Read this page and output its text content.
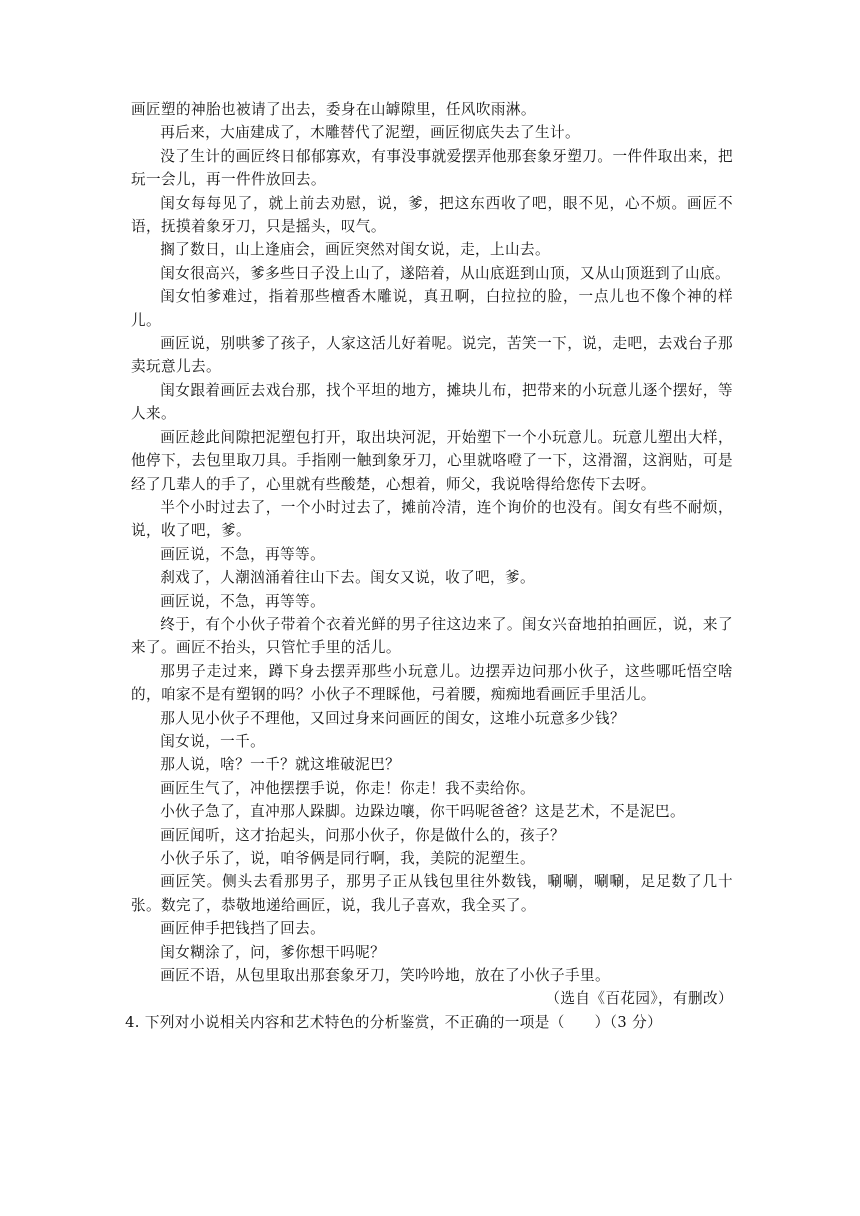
画匠塑的神胎也被请了出去，委身在山罅隙里，任风吹雨淋。

再后来，大庙建成了，木雕替代了泥塑，画匠彻底失去了生计。

没了生计的画匠终日郁郁寡欢，有事没事就爱摆弄他那套象牙塑刀。一件件取出来，把玩一会儿，再一件件放回去。

闺女每每见了，就上前去劝慰，说，爹，把这东西收了吧，眼不见，心不烦。画匠不语，抚摸着象牙刀，只是摇头，叹气。

搁了数日，山上逢庙会，画匠突然对闺女说，走，上山去。

闺女很高兴，爹多些日子没上山了，遂陪着，从山底逛到山顶，又从山顶逛到了山底。

闺女怕爹难过，指着那些檀香木雕说，真丑啊，白拉拉的脸，一点儿也不像个神的样儿。

画匠说，别哄爹了孩子，人家这活儿好着呢。说完，苦笑一下，说，走吧，去戏台子那卖玩意儿去。

闺女跟着画匠去戏台那，找个平坦的地方，摊块儿布，把带来的小玩意儿逐个摆好，等人来。

画匠趁此间隙把泥塑包打开，取出块河泥，开始塑下一个小玩意儿。玩意儿塑出大样，他停下，去包里取刀具。手指刚一触到象牙刀，心里就咯噔了一下，这滑溜，这润贴，可是经了几辈人的手了，心里就有些酸楚，心想着，师父，我说啥得给您传下去呀。

半个小时过去了，一个小时过去了，摊前冷清，连个询价的也没有。闺女有些不耐烦，说，收了吧，爹。

画匠说，不急，再等等。

刹戏了，人潮汹涌着往山下去。闺女又说，收了吧，爹。

画匠说，不急，再等等。

终于，有个小伙子带着个衣着光鲜的男子往这边来了。闺女兴奋地拍拍画匠，说，来了来了。画匠不抬头，只管忙手里的活儿。

那男子走过来，蹲下身去摆弄那些小玩意儿。边摆弄边问那小伙子，这些哪吒悟空啥的，咱家不是有塑钢的吗？小伙子不理睬他，弓着腰，痴痴地看画匠手里活儿。

那人见小伙子不理他，又回过身来问画匠的闺女，这堆小玩意多少钱？

闺女说，一千。

那人说，啥？一千？就这堆破泥巴？

画匠生气了，冲他摆摆手说，你走！你走！我不卖给你。

小伙子急了，直冲那人跺脚。边跺边嚷，你干吗呢爸爸？这是艺术，不是泥巴。

画匠闻听，这才抬起头，问那小伙子，你是做什么的，孩子？

小伙子乐了，说，咱爷俩是同行啊，我，美院的泥塑生。

画匠笑。侧头去看那男子，那男子正从钱包里往外数钱，唰唰，唰唰，足足数了几十张。数完了，恭敬地递给画匠，说，我儿子喜欢，我全买了。

画匠伸手把钱挡了回去。

闺女糊涂了，问，爹你想干吗呢？

画匠不语，从包里取出那套象牙刀，笑吟吟地，放在了小伙子手里。

（选自《百花园》，有删改）

4. 下列对小说相关内容和艺术特色的分析鉴赏，不正确的一项是（　　）（3 分）
